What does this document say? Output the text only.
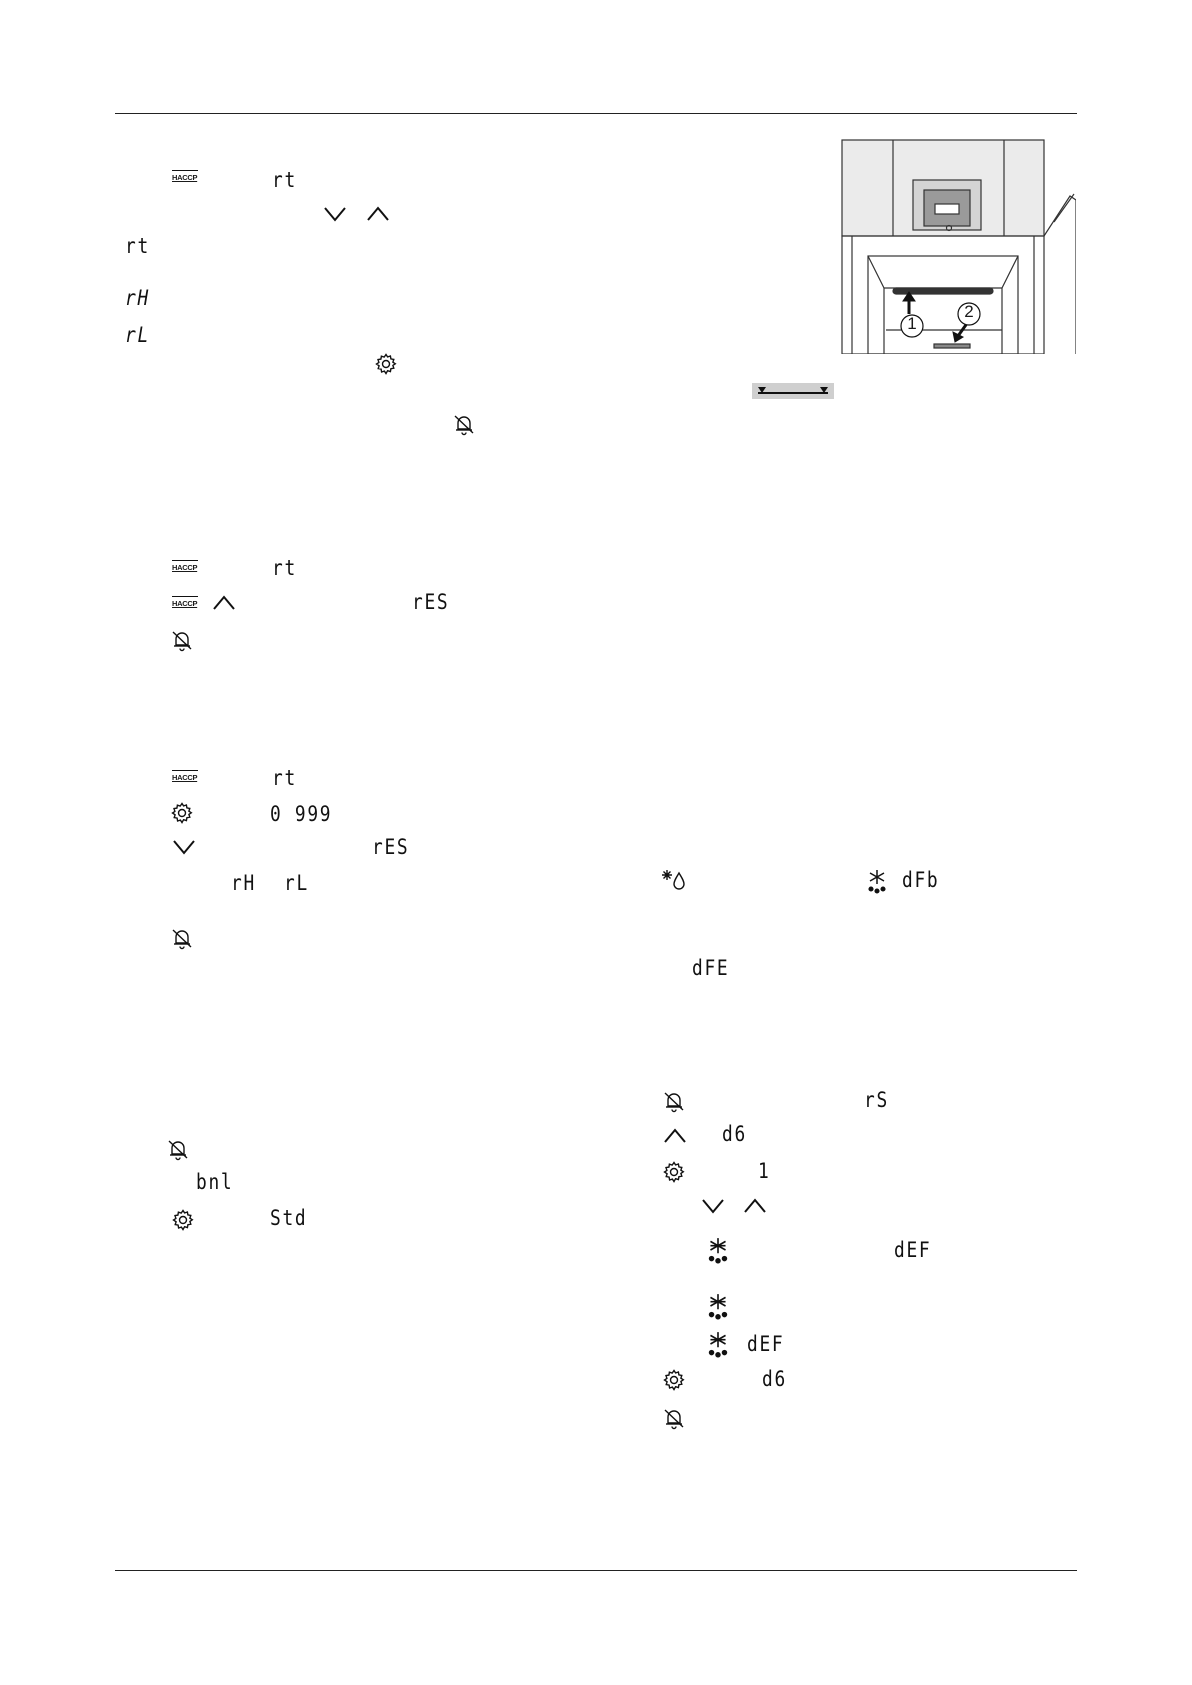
HACCP	rt
rt
rH
rL	1
2
HACCP	rt
HACCP	rES
HACCP	rt
0 999
rES
rH rL
bnl
Std
dFb
dFE
rS
d6
1
dEF
dEF
d6
